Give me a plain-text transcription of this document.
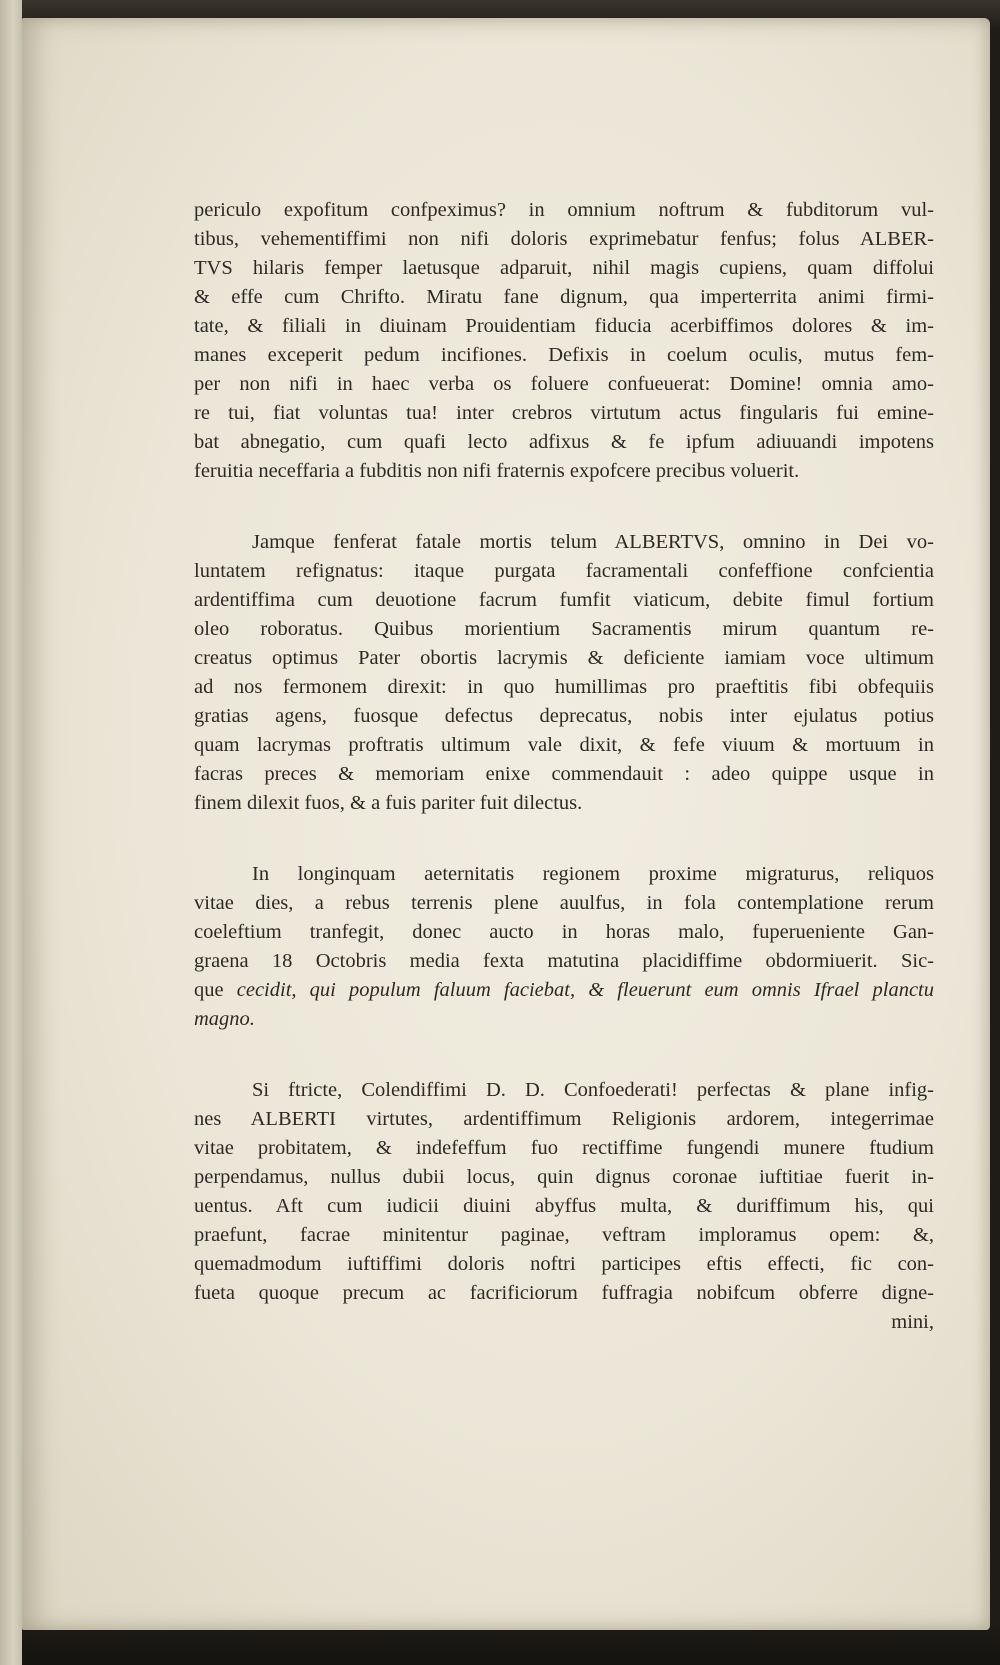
periculo expofitum confpeximus? in omnium noftrum & fubditorum vul-
tibus, vehementiffimi non nifi doloris exprimebatur fenfus; folus ALBER-
TVS hilaris femper laetusque adparuit, nihil magis cupiens, quam diffolui
& effe cum Chrifto. Miratu fane dignum, qua imperterrita animi firmi-
tate, & filiali in diuinam Prouidentiam fiducia acerbiffimos dolores & im-
manes exceperit pedum incifiones. Defixis in coelum oculis, mutus fem-
per non nifi in haec verba os foluere confueuerat: Domine! omnia amo-
re tui, fiat voluntas tua! inter crebros virtutum actus fingularis fui emine-
bat abnegatio, cum quafi lecto adfixus & fe ipfum adiuuandi impotens
feruitia neceffaria a fubditis non nifi fraternis expofcere precibus voluerit.

Jamque fenferat fatale mortis telum ALBERTVS, omnino in Dei vo-
luntatem refignatus: itaque purgata facramentali confeffione confcientia
ardentiffima cum deuotione facrum fumfit viaticum, debite fimul fortium
oleo roboratus. Quibus morientium Sacramentis mirum quantum re-
creatus optimus Pater obortis lacrymis & deficiente iamiam voce ultimum
ad nos fermonem direxit: in quo humillimas pro praeftitis fibi obfequiis
gratias agens, fuosque defectus deprecatus, nobis inter ejulatus potius
quam lacrymas proftratis ultimum vale dixit, & fefe viuum & mortuum in
facras preces & memoriam enixe commendauit : adeo quippe usque in
finem dilexit fuos, & a fuis pariter fuit dilectus.

In longinquam aeternitatis regionem proxime migraturus, reliquos
vitae dies, a rebus terrenis plene auulfus, in fola contemplatione rerum
coeleftium tranfegit, donec aucto in horas malo, fuperueniente Gan-
graena 18 Octobris media fexta matutina placidiffime obdormiuerit. Sic-
que cecidit, qui populum faluum faciebat, & fleuerunt eum omnis Ifrael planctu
magno.

Si ftricte, Colendiffimi D. D. Confoederati! perfectas & plane infig-
nes ALBERTI virtutes, ardentiffimum Religionis ardorem, integerrimae
vitae probitatem, & indefeffum fuo rectiffime fungendi munere ftudium
perpendamus, nullus dubii locus, quin dignus coronae iuftitiae fuerit in-
uentus. Aft cum iudicii diuini abyffus multa, & duriffimum his, qui
praefunt, facrae minitentur paginae, veftram imploramus opem: &,
quemadmodum iuftiffimi doloris noftri participes eftis effecti, fic con-
fueta quoque precum ac facrificiorum fuffragia nobifcum obferre digne-
mini,
